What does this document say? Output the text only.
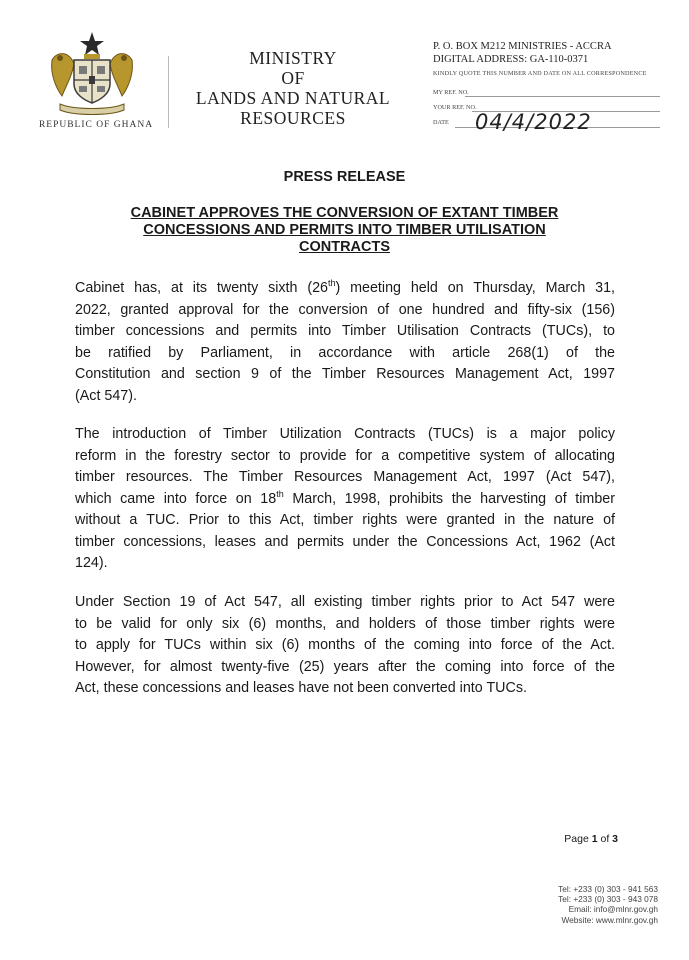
REPUBLIC OF GHANA
MINISTRY
OF
LANDS AND NATURAL
RESOURCES
P. O. BOX M212 MINISTRIES - ACCRA
DIGITAL ADDRESS: GA-110-0371
KINDLY QUOTE THIS NUMBER AND DATE ON ALL CORRESPONDENCE
MY REF. NO.
YOUR REF. NO.
DATE 04/4/2022
PRESS RELEASE
CABINET APPROVES THE CONVERSION OF EXTANT TIMBER
CONCESSIONS AND PERMITS INTO TIMBER UTILISATION
CONTRACTS
Cabinet has, at its twenty sixth (26th) meeting held on Thursday, March 31,
2022, granted approval for the conversion of one hundred and fifty-six (156)
timber concessions and permits into Timber Utilisation Contracts (TUCs), to
be ratified by Parliament, in accordance with article 268(1) of the
Constitution and section 9 of the Timber Resources Management Act, 1997
(Act 547).
The introduction of Timber Utilization Contracts (TUCs) is a major policy
reform in the forestry sector to provide for a competitive system of allocating
timber resources. The Timber Resources Management Act, 1997 (Act 547),
which came into force on 18th March, 1998, prohibits the harvesting of timber
without a TUC. Prior to this Act, timber rights were granted in the nature of
timber concessions, leases and permits under the Concessions Act, 1962 (Act
124).
Under Section 19 of Act 547, all existing timber rights prior to Act 547 were
to be valid for only six (6) months, and holders of those timber rights were
to apply for TUCs within six (6) months of the coming into force of the Act.
However, for almost twenty-five (25) years after the coming into force of the
Act, these concessions and leases have not been converted into TUCs.
Page 1 of 3
Tel: +233 (0) 303 - 941 563
Tel: +233 (0) 303 - 943 078
Email: info@mlnr.gov.gh
Website: www.mlnr.gov.gh
